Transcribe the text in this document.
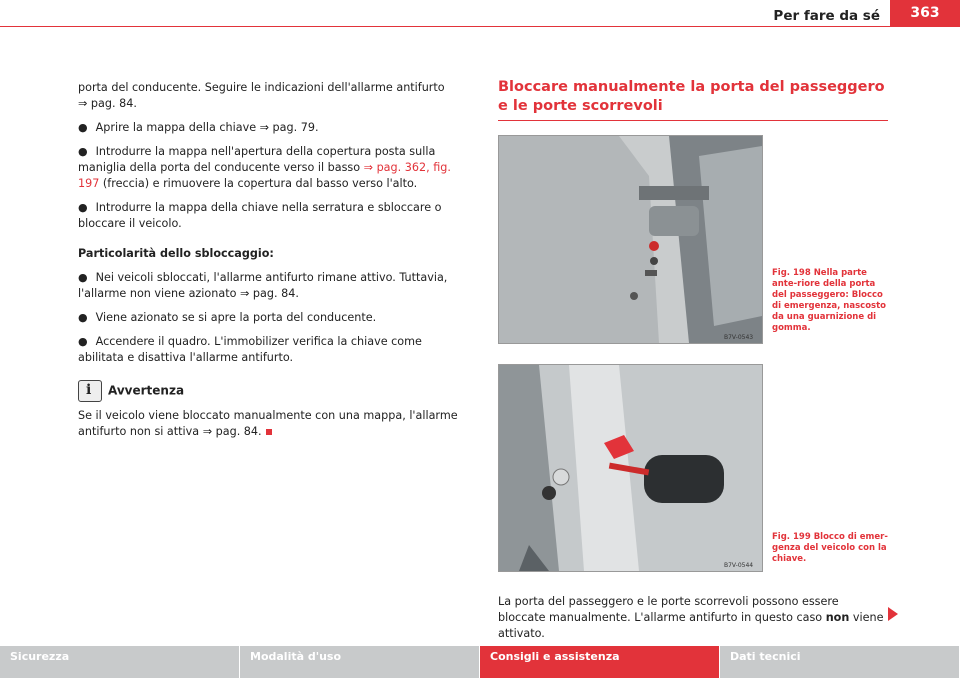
Per fare da sé	363

porta del conducente. Seguire le indicazioni dell'allarme antifurto
⇒ pag. 84.

● Aprire la mappa della chiave ⇒ pag. 79.
● Introdurre la mappa nell'apertura della copertura posta sulla maniglia della porta del conducente verso il basso ⇒ pag. 362, fig. 197 (freccia) e rimuovere la copertura dal basso verso l'alto.
● Introdurre la mappa della chiave nella serratura e sbloccare o bloccare il veicolo.

Particolarità dello sbloccaggio:

● Nei veicoli sbloccati, l'allarme antifurto rimane attivo. Tuttavia, l'allarme non viene azionato ⇒ pag. 84.
● Viene azionato se si apre la porta del conducente.
● Accendere il quadro. L'immobilizer verifica la chiave come abilitata e disattiva l'allarme antifurto.
iAvvertenza

Se il veicolo viene bloccato manualmente con una mappa, l'allarme antifurto non si attiva ⇒ pag. 84.

Bloccare manualmente la porta del passeggero e le porte scorrevoli
B7V-0543
Fig. 198 Nella parte ante-riore della porta del passeggero: Blocco di emergenza, nascosto da una guarnizione di gomma.
B7V-0544
Fig. 199 Blocco di emer-genza del veicolo con la chiave.
La porta del passeggero e le porte scorrevoli possono essere bloccate manualmente. L'allarme antifurto in questo caso non viene attivato.
Sicurezza	Modalità d'uso	Consigli e assistenza	Dati tecnici
